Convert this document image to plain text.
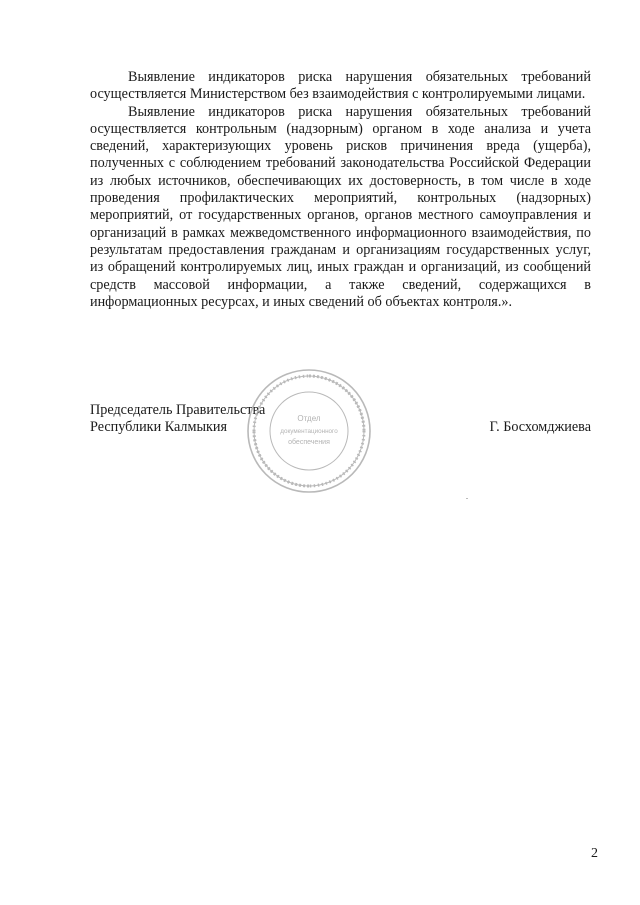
Выявление индикаторов риска нарушения обязательных требований осуществляется Министерством без взаимодействия с контролируемыми лицами.

Выявление индикаторов риска нарушения обязательных требований осуществляется контрольным (надзорным) органом в ходе анализа и учета сведений, характеризующих уровень рисков причинения вреда (ущерба), полученных с соблюдением требований законодательства Российской Федерации из любых источников, обеспечивающих их достоверность, в том числе в ходе проведения профилактических мероприятий, контрольных (надзорных) мероприятий, от государственных органов, органов местного самоуправления и организаций в рамках межведомственного информационного взаимодействия, по результатам предоставления гражданам и организациям государственных услуг, из обращений контролируемых лиц, иных граждан и организаций, из сообщений средств массовой информации, а также сведений, содержащихся в информационных ресурсах, и иных сведений об объектах контроля.».

Председатель Правительства
Республики Калмыкия	Г. Босхомджиева
Отдел
документационного
обеспечения
2
